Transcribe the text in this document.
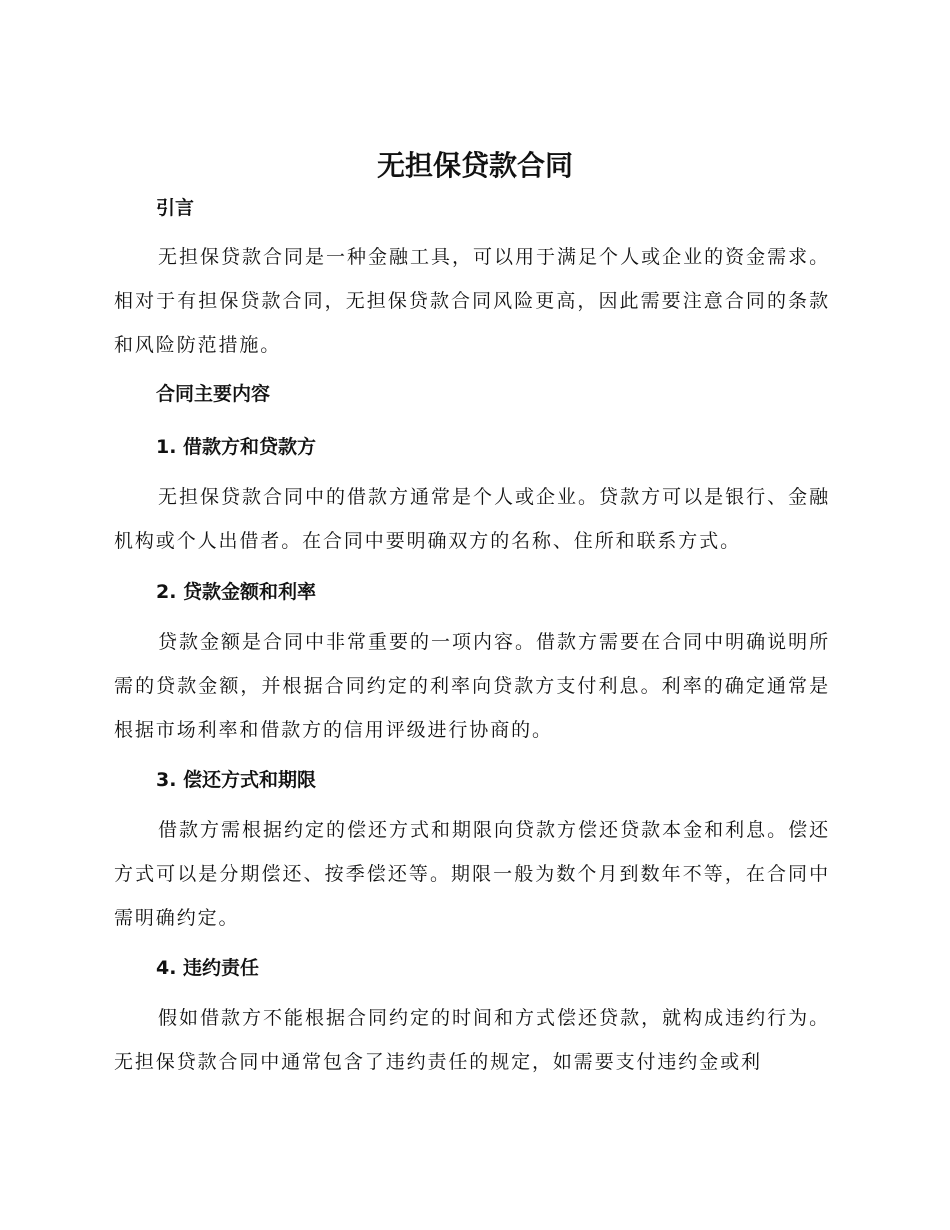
无担保贷款合同
引言

无担保贷款合同是一种金融工具，可以用于满足个人或企业的资金需求。相对于有担保贷款合同，无担保贷款合同风险更高，因此需要注意合同的条款和风险防范措施。

合同主要内容
1. 借款方和贷款方

无担保贷款合同中的借款方通常是个人或企业。贷款方可以是银行、金融机构或个人出借者。在合同中要明确双方的名称、住所和联系方式。

2. 贷款金额和利率

贷款金额是合同中非常重要的一项内容。借款方需要在合同中明确说明所需的贷款金额，并根据合同约定的利率向贷款方支付利息。利率的确定通常是根据市场利率和借款方的信用评级进行协商的。

3. 偿还方式和期限

借款方需根据约定的偿还方式和期限向贷款方偿还贷款本金和利息。偿还方式可以是分期偿还、按季偿还等。期限一般为数个月到数年不等，在合同中需明确约定。

4. 违约责任

假如借款方不能根据合同约定的时间和方式偿还贷款，就构成违约行为。无担保贷款合同中通常包含了违约责任的规定，如需要支付违约金或利
